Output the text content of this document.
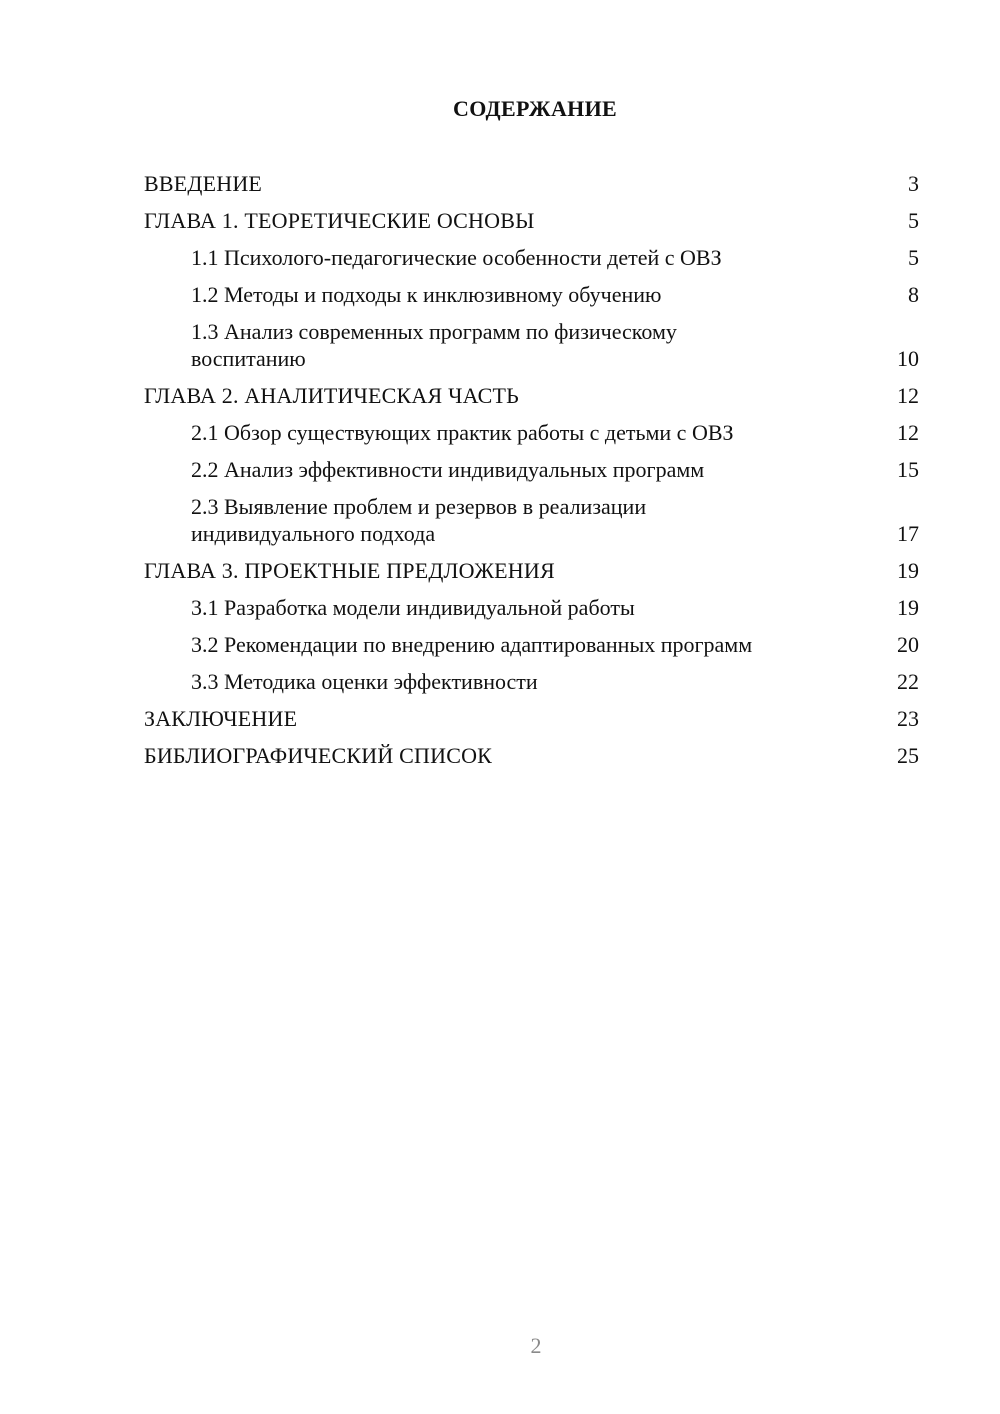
СОДЕРЖАНИЕ
ВВЕДЕНИЕ	3
ГЛАВА 1. ТЕОРЕТИЧЕСКИЕ ОСНОВЫ	5
1.1 Психолого-педагогические особенности детей с ОВЗ	5
1.2 Методы и подходы к инклюзивному обучению	8
1.3 Анализ современных программ по физическому воспитанию	10
ГЛАВА 2. АНАЛИТИЧЕСКАЯ ЧАСТЬ	12
2.1 Обзор существующих практик работы с детьми с ОВЗ	12
2.2 Анализ эффективности индивидуальных программ	15
2.3 Выявление проблем и резервов в реализации индивидуального подхода	17
ГЛАВА 3. ПРОЕКТНЫЕ ПРЕДЛОЖЕНИЯ	19
3.1 Разработка модели индивидуальной работы	19
3.2 Рекомендации по внедрению адаптированных программ	20
3.3 Методика оценки эффективности	22
ЗАКЛЮЧЕНИЕ	23
БИБЛИОГРАФИЧЕСКИЙ СПИСОК	25
2
